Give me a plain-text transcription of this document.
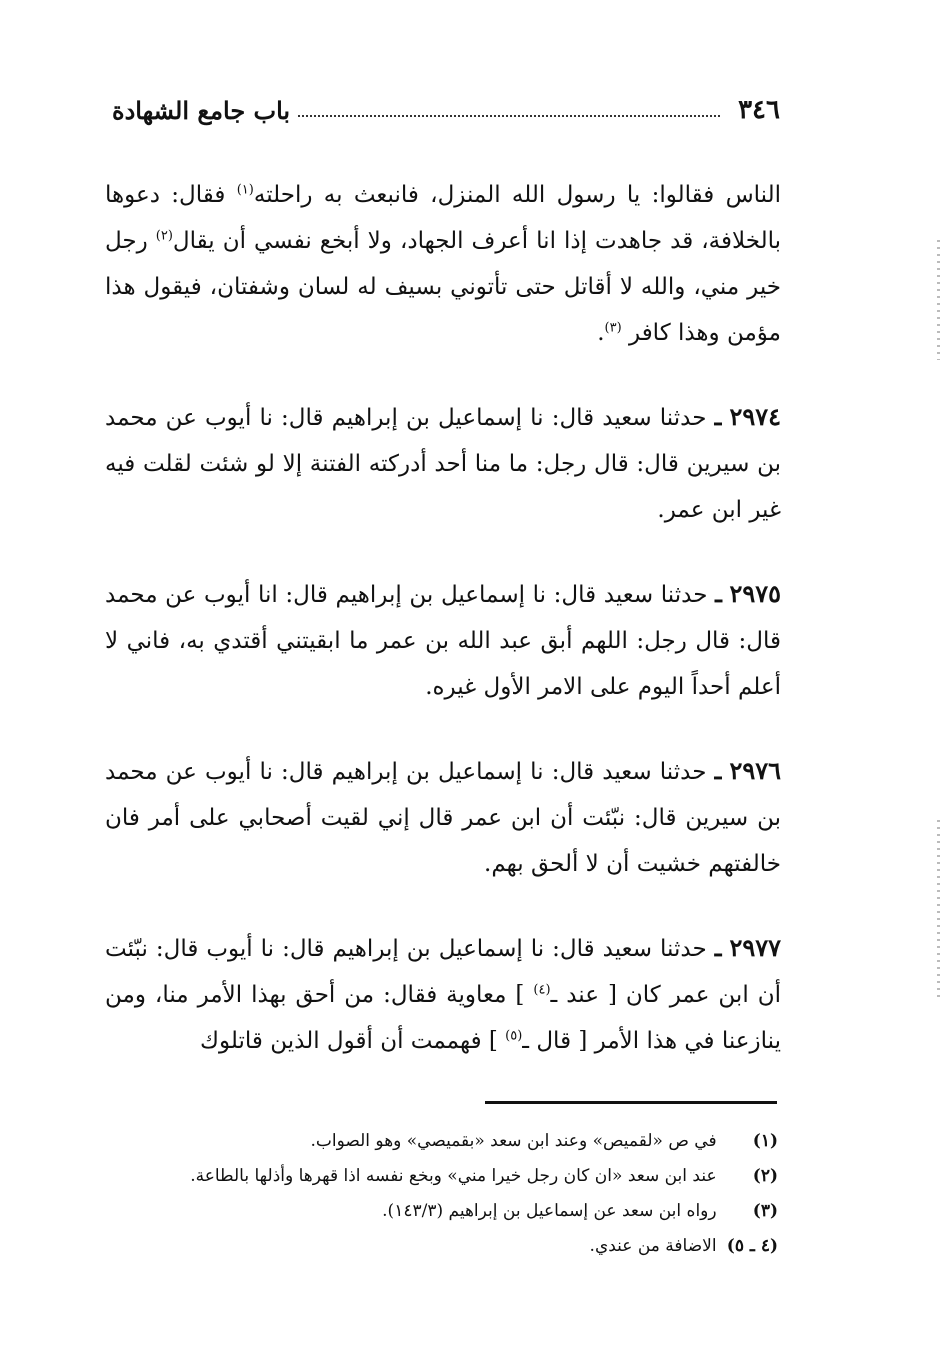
٣٤٦
باب جامع الشهادة

الناس فقالوا: يا رسول الله المنزل، فانبعث به راحلته$^{(١)}$ فقال: دعوها بالخلافة، قد جاهدت إذا انا أعرف الجهاد، ولا أبخع نفسي أن يقال$^{(٢)}$ رجل خير مني، والله لا أقاتل حتى تأتوني بسيف له لسان وشفتان، فيقول هذا مؤمن وهذا كافر $^{(٣)}$.

٢٩٧٤ ـ حدثنا سعيد قال: نا إسماعيل بن إبراهيم قال: نا أيوب عن محمد بن سيرين قال: قال رجل: ما منا أحد أدركته الفتنة إلا لو شئت لقلت فيه غير ابن عمر.

٢٩٧٥ ـ حدثنا سعيد قال: نا إسماعيل بن إبراهيم قال: انا أيوب عن محمد قال: قال رجل: اللهم أبق عبد الله بن عمر ما ابقيتني أقتدي به، فاني لا أعلم أحداً اليوم على الامر الأول غيره.

٢٩٧٦ ـ حدثنا سعيد قال: نا إسماعيل بن إبراهيم قال: نا أيوب عن محمد بن سيرين قال: نبّئت أن ابن عمر قال إني لقيت أصحابي على أمر فان خالفتهم خشيت أن لا ألحق بهم.

٢٩٧٧ ـ حدثنا سعيد قال: نا إسماعيل بن إبراهيم قال: نا أيوب قال: نبّئت أن ابن عمر كان [ عند ـ$^{(٤)}$ ] معاوية فقال: من أحق بهذا الأمر منا، ومن ينازعنا في هذا الأمر [ قال ـ$^{(٥)}$ ] فهممت أن أقول الذين قاتلوك

(١) في ص «لقميص» وعند ابن سعد «بقميصي» وهو الصواب.
(٢) عند ابن سعد «ان كان رجل خيرا مني» وبخع نفسه اذا قهرها وأذلها بالطاعة.
(٣) رواه ابن سعد عن إسماعيل بن إبراهيم (١٤٣/٣).
(٤ ـ ٥) الاضافة من عندي.
